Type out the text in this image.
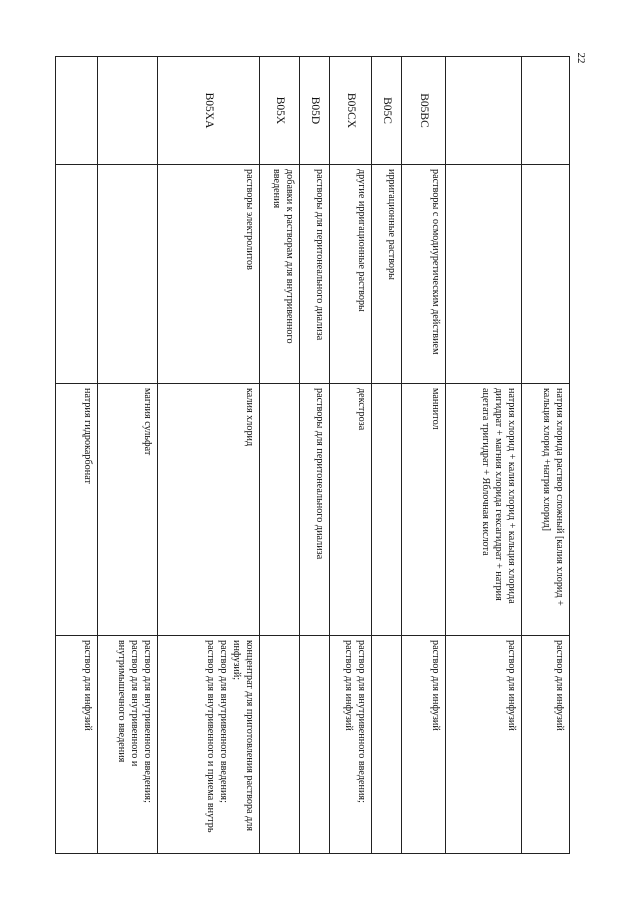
22
		натрия хлорида раствор сложный [калия хлорид + кальция хлорид +натрия хлорид]	раствор для инфузий
		натрия хлорид + калия хлорид + кальция хлорида дигидрат + магния хлорида гексагидрат + натрия ацетата тригидрат + Яблочная кислота	раствор для инфузий
B05BC	растворы с осмодиуретическим действием	маннитол	раствор для инфузий
B05C	ирригационные растворы		
B05CX	другие ирригационные растворы	декстроза	раствор для внутривенного введения;
раствор для инфузий

B05D	растворы для перитонеального диализа	растворы для перитонеального диализа	
B05X	добавки к растворам для внутривенного введения		
B05XA	растворы электролитов	калия хлорид	концентрат для приготовления раствора для инфузий;
раствор для внутривенного введения;
раствор для внутривенного и приема внутрь

		магния сульфат	раствор для внутривенного введения;
раствор для внутривенного и внутримышечного введения

		натрия гидрокарбонат	раствор для инфузий
